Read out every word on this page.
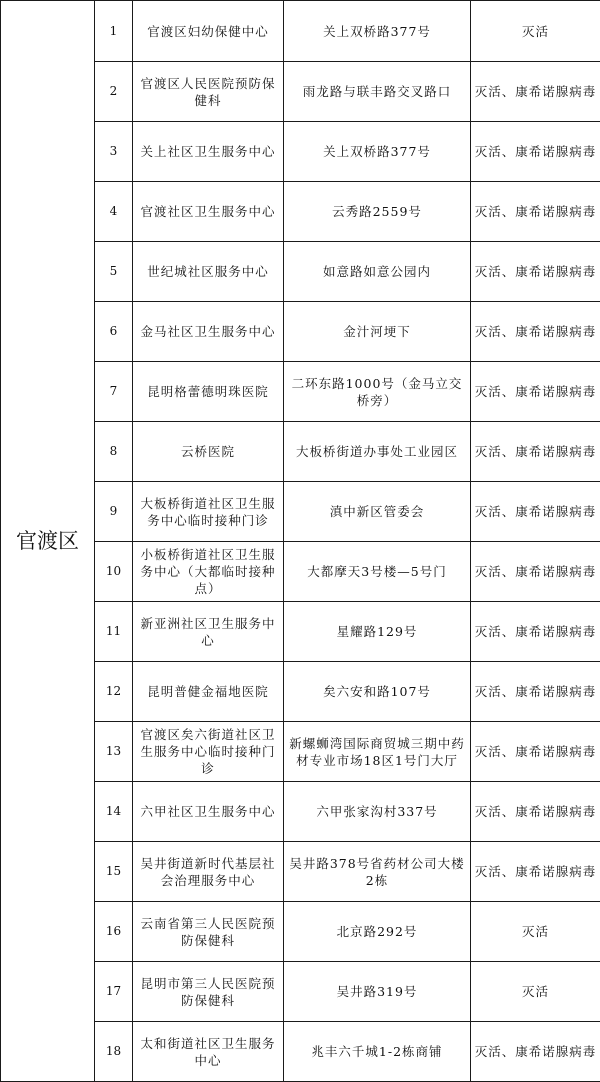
官渡区	1	官渡区妇幼保健中心	关上双桥路377号	灭活
	2	官渡区人民医院预防保健科	雨龙路与联丰路交叉路口	灭活、康希诺腺病毒
	3	关上社区卫生服务中心	关上双桥路377号	灭活、康希诺腺病毒
	4	官渡社区卫生服务中心	云秀路2559号	灭活、康希诺腺病毒
	5	世纪城社区服务中心	如意路如意公园内	灭活、康希诺腺病毒
	6	金马社区卫生服务中心	金汁河埂下	灭活、康希诺腺病毒
	7	昆明格蕾德明珠医院	二环东路1000号（金马立交桥旁）	灭活、康希诺腺病毒
	8	云桥医院	大板桥街道办事处工业园区	灭活、康希诺腺病毒
	9	大板桥街道社区卫生服务中心临时接种门诊	滇中新区管委会	灭活、康希诺腺病毒
	10	小板桥街道社区卫生服务中心（大都临时接种点）	大都摩天3号楼—5号门	灭活、康希诺腺病毒
	11	新亚洲社区卫生服务中心	星耀路129号	灭活、康希诺腺病毒
	12	昆明普健金福地医院	矣六安和路107号	灭活、康希诺腺病毒
	13	官渡区矣六街道社区卫生服务中心临时接种门诊	新螺蛳湾国际商贸城三期中药材专业市场18区1号门大厅	灭活、康希诺腺病毒
	14	六甲社区卫生服务中心	六甲张家沟村337号	灭活、康希诺腺病毒
	15	吴井街道新时代基层社会治理服务中心	吴井路378号省药材公司大楼2栋	灭活、康希诺腺病毒
	16	云南省第三人民医院预防保健科	北京路292号	灭活
	17	昆明市第三人民医院预防保健科	吴井路319号	灭活
	18	太和街道社区卫生服务中心	兆丰六千城1-2栋商铺	灭活、康希诺腺病毒
